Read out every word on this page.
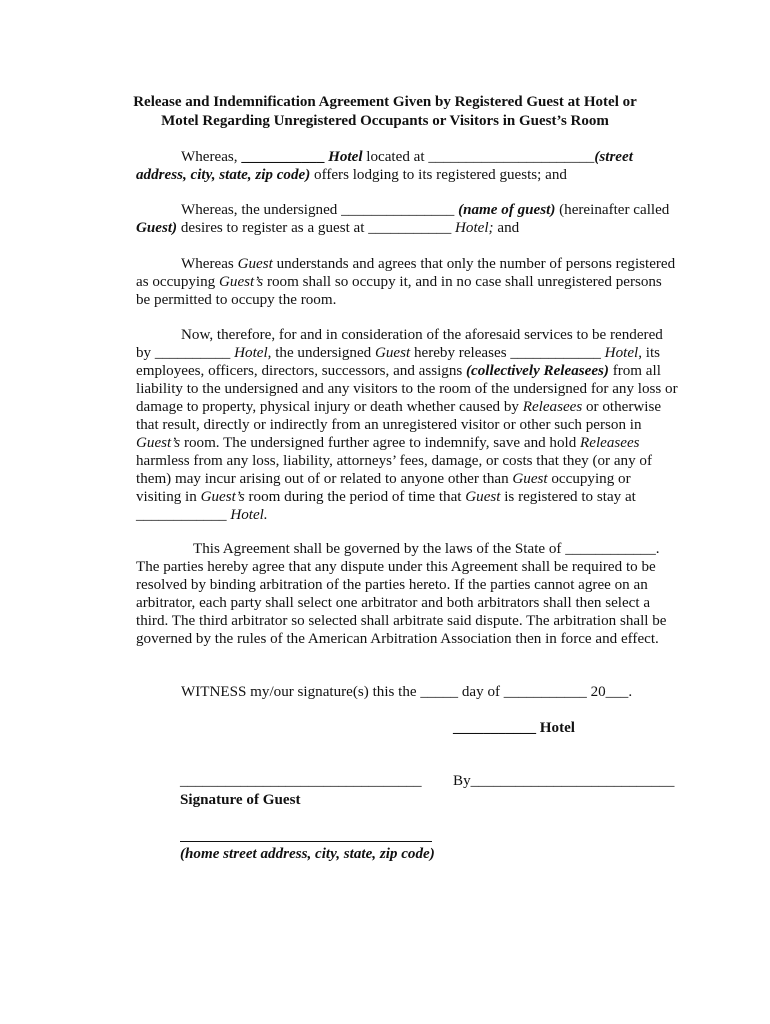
Release and Indemnification Agreement Given by Registered Guest at Hotel or
Motel Regarding Unregistered Occupants or Visitors in Guest’s Room
Whereas, ___________ Hotel located at ______________________(street
address, city, state, zip code) offers lodging to its registered guests; and
Whereas, the undersigned _______________ (name of guest) (hereinafter called
Guest) desires to register as a guest at ___________ Hotel; and
Whereas Guest understands and agrees that only the number of persons registered
as occupying Guest’s room shall so occupy it, and in no case shall unregistered persons
be permitted to occupy the room.
Now, therefore, for and in consideration of the aforesaid services to be rendered
by __________ Hotel, the undersigned Guest hereby releases ____________ Hotel, its
employees, officers, directors, successors, and assigns (collectively Releasees) from all
liability to the undersigned and any visitors to the room of the undersigned for any loss or
damage to property, physical injury or death whether caused by Releasees or otherwise
that result, directly or indirectly from an unregistered visitor or other such person in
Guest’s room. The undersigned further agree to indemnify, save and hold Releasees
harmless from any loss, liability, attorneys’ fees, damage, or costs that they (or any of
them) may incur arising out of or related to anyone other than Guest occupying or
visiting in Guest’s room during the period of time that Guest is registered to stay at
____________ Hotel.
This Agreement shall be governed by the laws of the State of ____________.
The parties hereby agree that any dispute under this Agreement shall be required to be
resolved by binding arbitration of the parties hereto. If the parties cannot agree on an
arbitrator, each party shall select one arbitrator and both arbitrators shall then select a
third. The third arbitrator so selected shall arbitrate said dispute. The arbitration shall be
governed by the rules of the American Arbitration Association then in force and effect.
WITNESS my/our signature(s) this the _____ day of ___________ 20___.
___________ Hotel
________________________________ By___________________________
Signature of Guest
(home street address, city, state, zip code)
